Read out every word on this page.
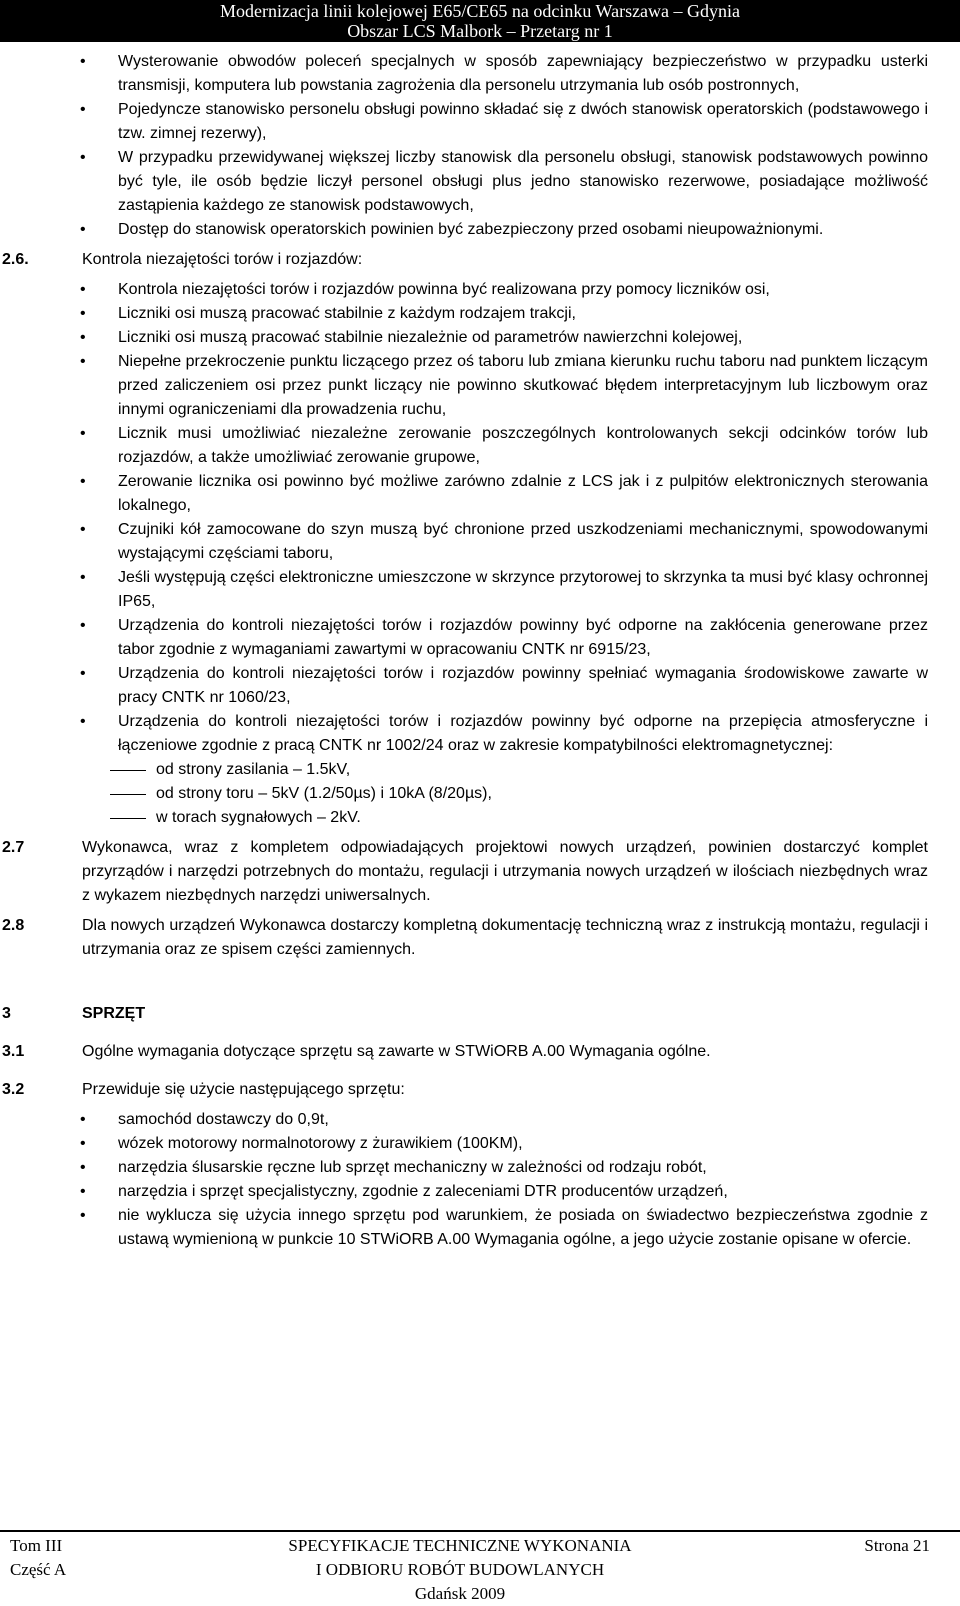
Modernizacja linii kolejowej E65/CE65 na odcinku Warszawa – Gdynia
Obszar LCS Malbork – Przetarg nr 1
• Wysterowanie obwodów poleceń specjalnych w sposób zapewniający bezpieczeństwo w przypadku usterki transmisji, komputera lub powstania zagrożenia dla personelu utrzymania lub osób postronnych,
• Pojedyncze stanowisko personelu obsługi powinno składać się z dwóch stanowisk operatorskich (podstawowego i tzw. zimnej rezerwy),
• W przypadku przewidywanej większej liczby stanowisk dla personelu obsługi, stanowisk podstawowych powinno być tyle, ile osób będzie liczył personel obsługi plus jedno stanowisko rezerwowe, posiadające możliwość zastąpienia każdego ze stanowisk podstawowych,
• Dostęp do stanowisk operatorskich powinien być zabezpieczony przed osobami nieupoważnionymi.
2.6.	Kontrola niezajętości torów i rozjazdów:
• Kontrola niezajętości torów i rozjazdów powinna być realizowana przy pomocy liczników osi,
• Liczniki osi muszą pracować stabilnie z każdym rodzajem trakcji,
• Liczniki osi muszą pracować stabilnie niezależnie od parametrów nawierzchni kolejowej,
• Niepełne przekroczenie punktu liczącego przez oś taboru lub zmiana kierunku ruchu taboru nad punktem liczącym przed zaliczeniem osi przez punkt liczący nie powinno skutkować błędem interpretacyjnym lub liczbowym oraz innymi ograniczeniami dla prowadzenia ruchu,
• Licznik musi umożliwiać niezależne zerowanie poszczególnych kontrolowanych sekcji odcinków torów lub rozjazdów, a także umożliwiać zerowanie grupowe,
• Zerowanie licznika osi powinno być możliwe zarówno zdalnie z LCS jak i z pulpitów elektronicznych sterowania lokalnego,
• Czujniki kół zamocowane do szyn muszą być chronione przed uszkodzeniami mechanicznymi, spowodowanymi wystającymi częściami taboru,
• Jeśli występują części elektroniczne umieszczone w skrzynce przytorowej to skrzynka ta musi być klasy ochronnej IP65,
• Urządzenia do kontroli niezajętości torów i rozjazdów powinny być odporne na zakłócenia generowane przez tabor zgodnie z wymaganiami zawartymi w opracowaniu CNTK nr 6915/23,
• Urządzenia do kontroli niezajętości torów i rozjazdów powinny spełniać wymagania środowiskowe zawarte w pracy CNTK nr 1060/23,
• Urządzenia do kontroli niezajętości torów i rozjazdów powinny być odporne na przepięcia atmosferyczne i łączeniowe zgodnie z pracą CNTK nr 1002/24 oraz w zakresie kompatybilności elektromagnetycznej:
od strony zasilania – 1.5kV,
od strony toru – 5kV (1.2/50µs) i 10kA (8/20µs),
w torach sygnałowych – 2kV.
2.7	Wykonawca, wraz z kompletem odpowiadających projektowi nowych urządzeń, powinien dostarczyć komplet przyrządów i narzędzi potrzebnych do montażu, regulacji i utrzymania nowych urządzeń w ilościach niezbędnych wraz z wykazem niezbędnych narzędzi uniwersalnych.
2.8	Dla nowych urządzeń Wykonawca dostarczy kompletną dokumentację techniczną wraz z instrukcją montażu, regulacji i utrzymania oraz ze spisem części zamiennych.
3	SPRZĘT
3.1	Ogólne wymagania dotyczące sprzętu są zawarte w STWiORB A.00 Wymagania ogólne.
3.2	Przewiduje się użycie następującego sprzętu:
• samochód dostawczy do 0,9t,
• wózek motorowy normalnotorowy z żurawikiem (100KM),
• narzędzia ślusarskie ręczne lub sprzęt mechaniczny w zależności od rodzaju robót,
• narzędzia i sprzęt specjalistyczny, zgodnie z zaleceniami DTR producentów urządzeń,
• nie wyklucza się użycia innego sprzętu pod warunkiem, że posiada on świadectwo bezpieczeństwa zgodnie z ustawą wymienioną w punkcie 10 STWiORB A.00 Wymagania ogólne, a jego użycie zostanie opisane w ofercie.
Tom III
Część A
SPECYFIKACJE TECHNICZNE WYKONANIA
I ODBIORU ROBÓT BUDOWLANYCH
Gdańsk 2009
Strona 21
